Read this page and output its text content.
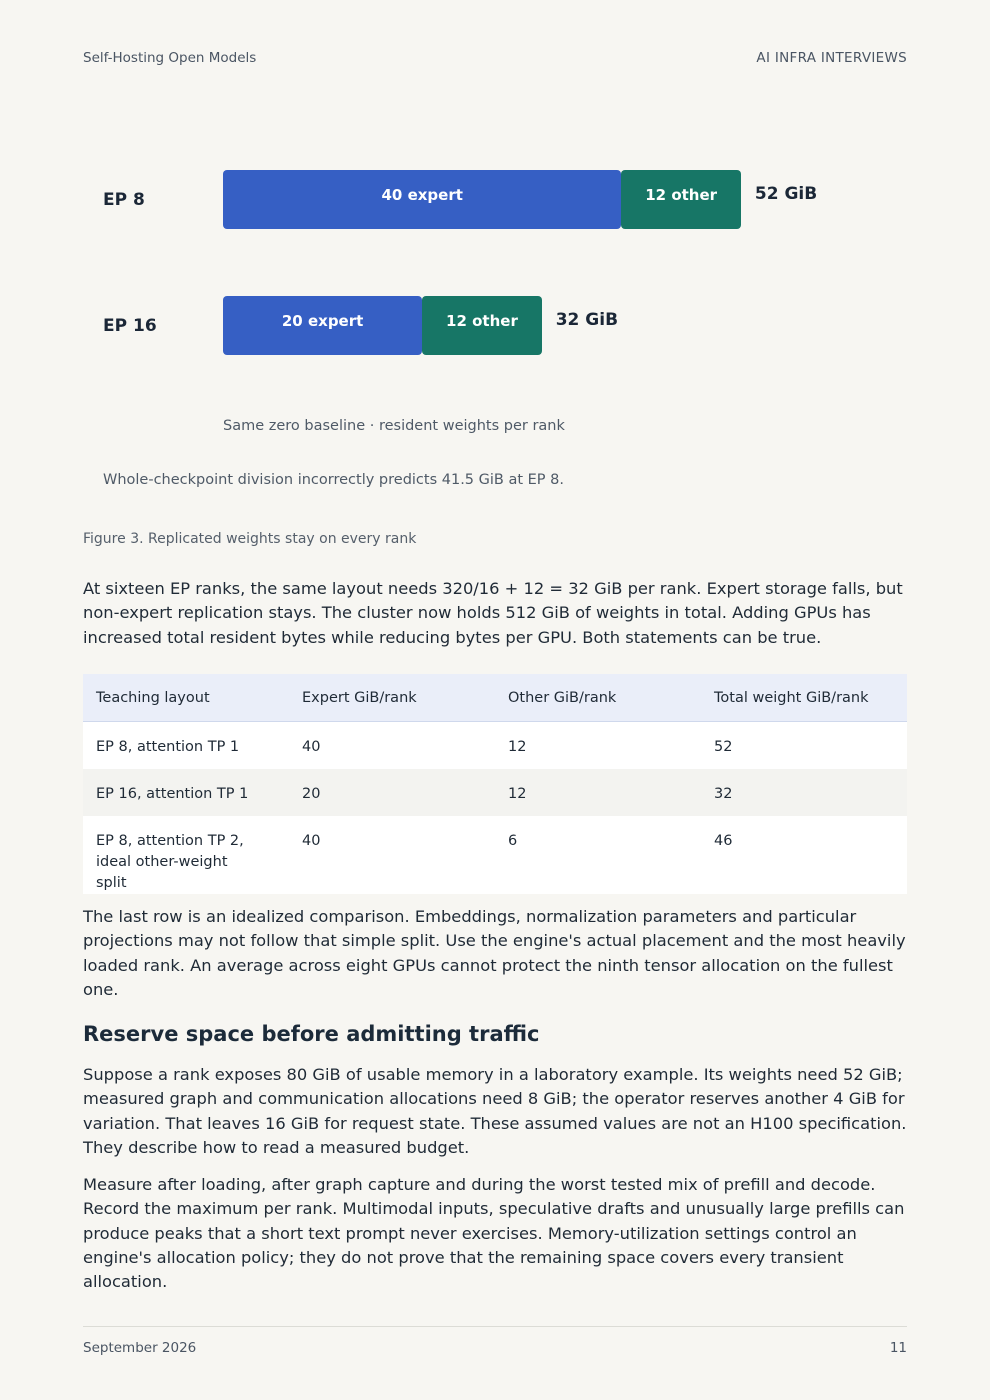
Self-Hosting Open Models	AI INFRA INTERVIEWS
EP 8	40 expert	12 other 52 GiB
EP 16	20 expert	12 other 32 GiB
Same zero baseline · resident weights per rank
Whole-checkpoint division incorrectly predicts 41.5 GiB at EP 8.
Figure 3. Replicated weights stay on every rank

At sixteen EP ranks, the same layout needs 320/16 + 12 = 32 GiB per rank. Expert storage falls, but non-expert replication stays. The cluster now holds 512 GiB of weights in total. Adding GPUs has increased total resident bytes while reducing bytes per GPU. Both statements can be true.

Teaching layout	Expert GiB/rank	Other GiB/rank	Total weight GiB/rank
EP 8, attention TP 1	40	12	52
EP 16, attention TP 1	20	12	32
EP 8, attention TP 2, ideal other-weight split	40	6	46

The last row is an idealized comparison. Embeddings, normalization parameters and particular projections may not follow that simple split. Use the engine's actual placement and the most heavily loaded rank. An average across eight GPUs cannot protect the ninth tensor allocation on the fullest one.

Reserve space before admitting traffic

Suppose a rank exposes 80 GiB of usable memory in a laboratory example. Its weights need 52 GiB; measured graph and communication allocations need 8 GiB; the operator reserves another 4 GiB for variation. That leaves 16 GiB for request state. These assumed values are not an H100 specification. They describe how to read a measured budget.

Measure after loading, after graph capture and during the worst tested mix of prefill and decode. Record the maximum per rank. Multimodal inputs, speculative drafts and unusually large prefills can produce peaks that a short text prompt never exercises. Memory-utilization settings control an engine's allocation policy; they do not prove that the remaining space covers every transient allocation.

September 2026	11
